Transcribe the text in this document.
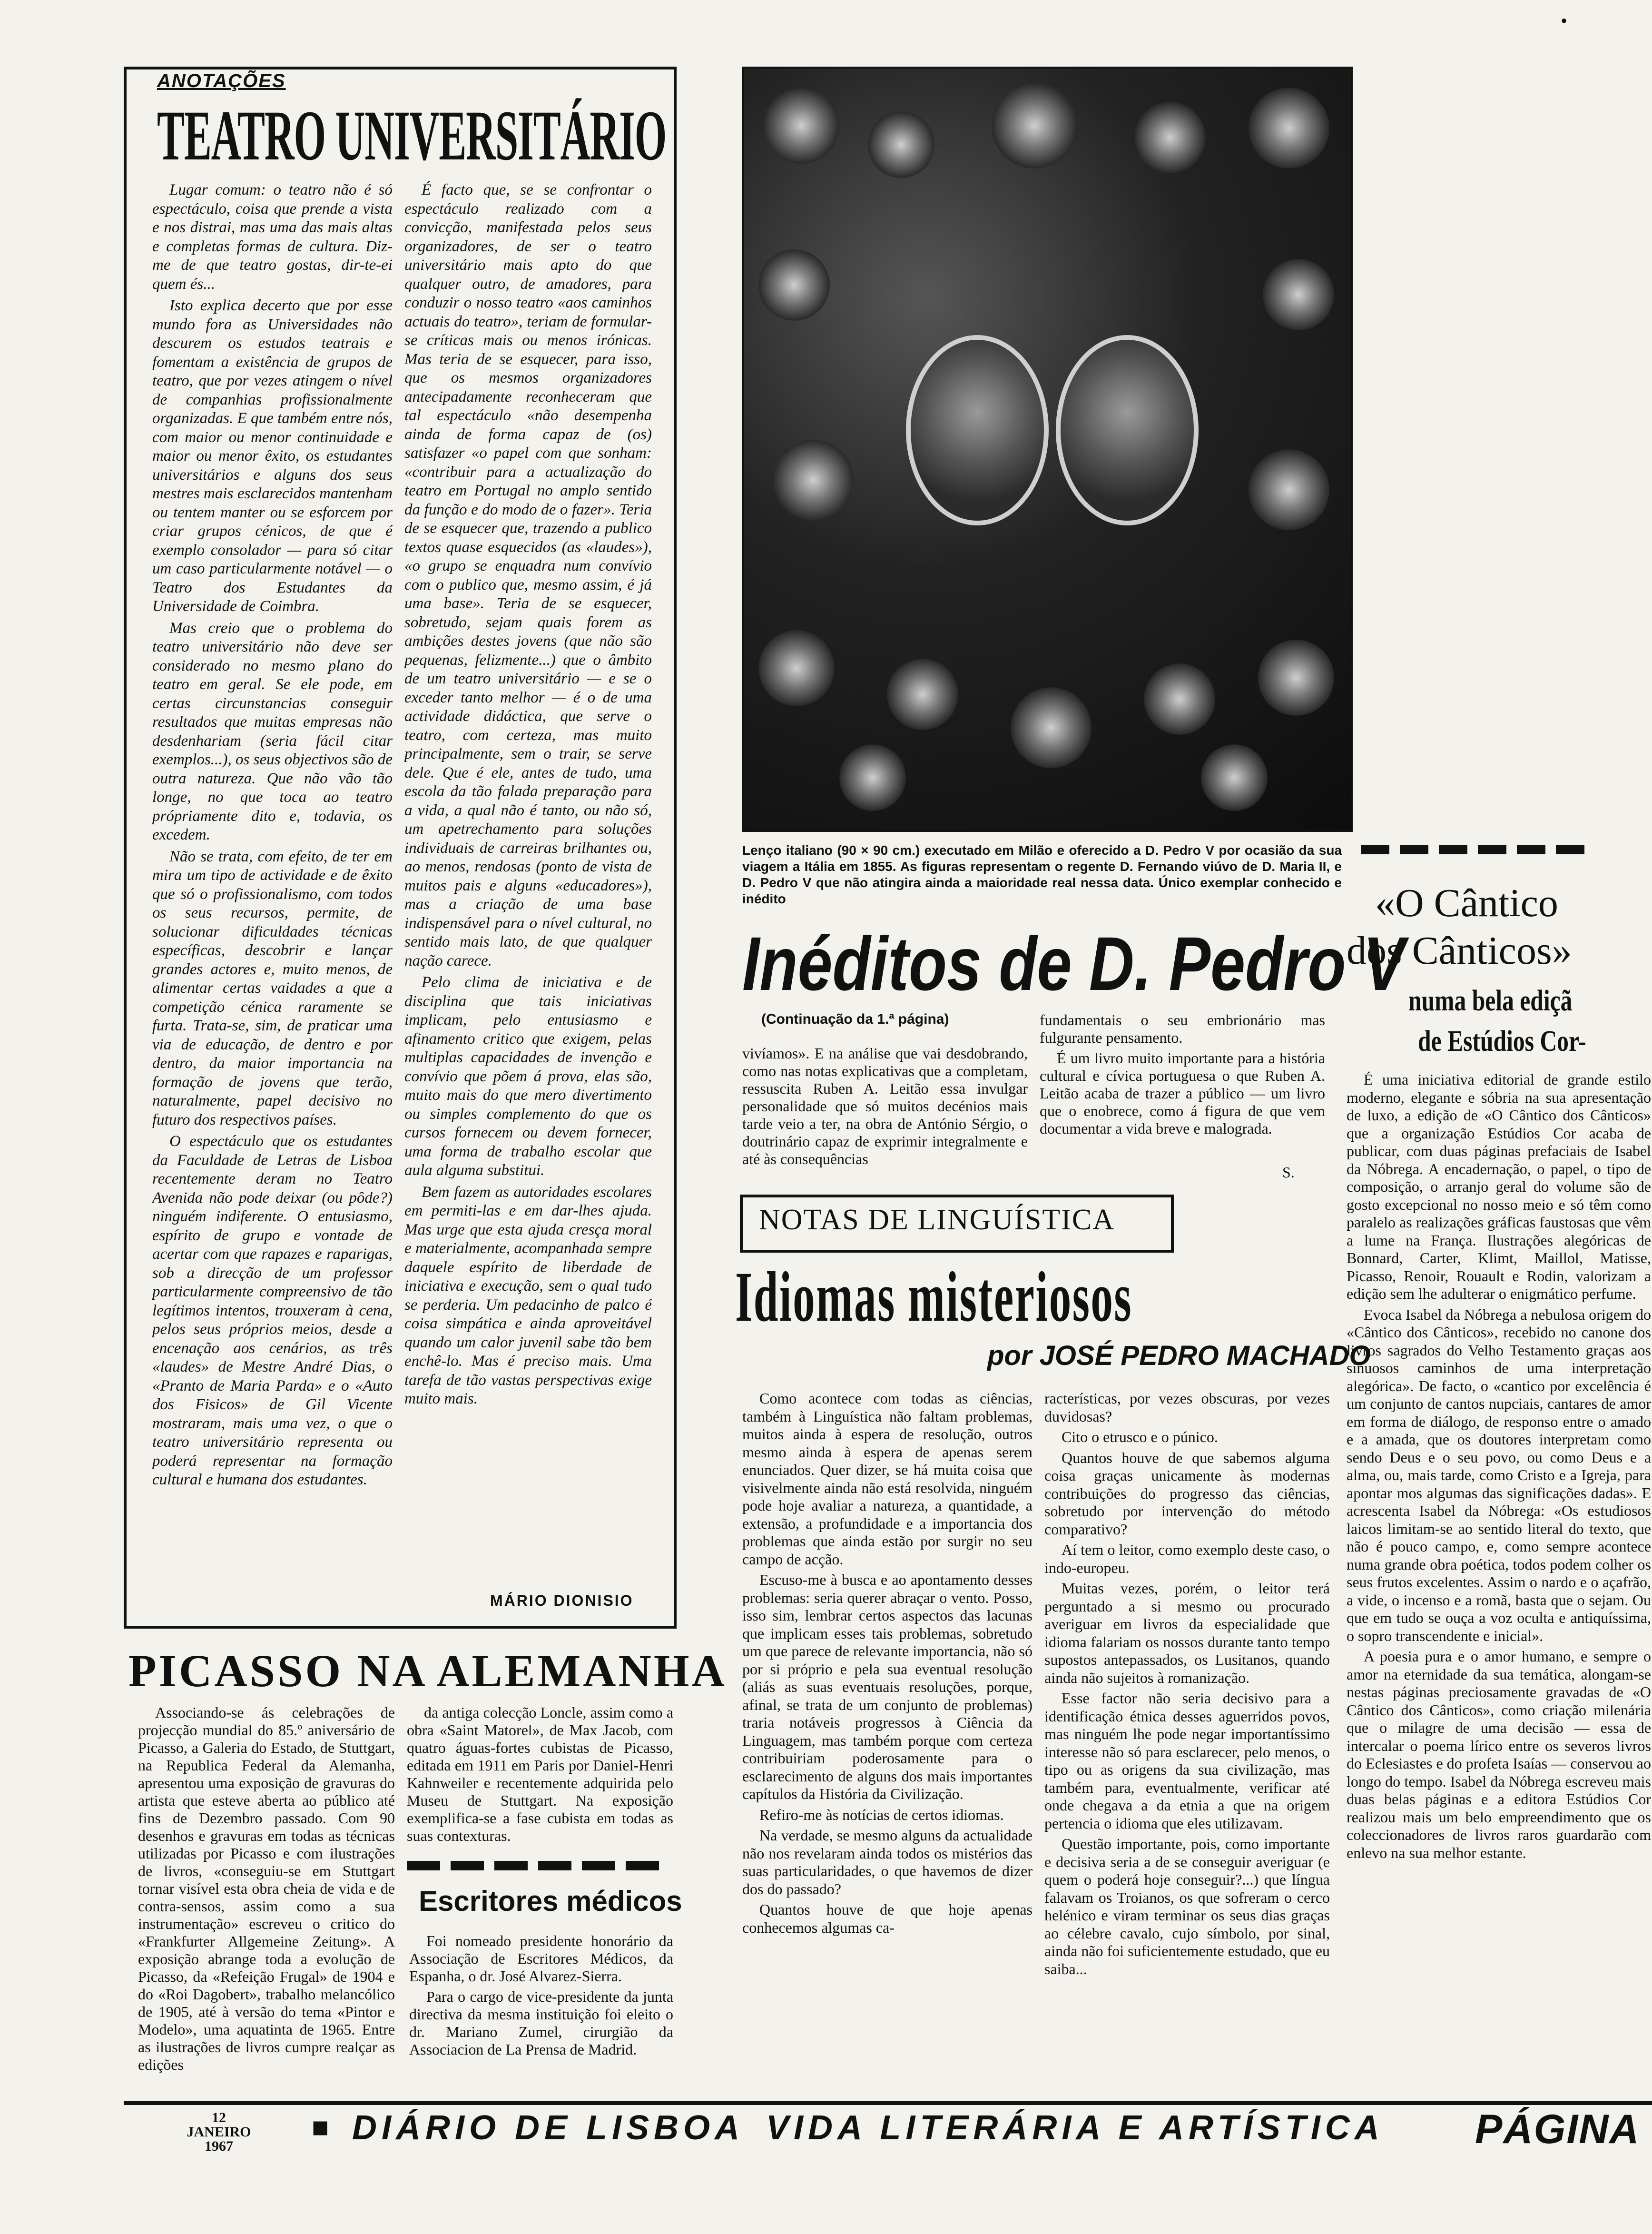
•
ANOTAÇÕES
TEATRO UNIVERSITÁRIO

Lugar comum: o teatro não é só espectáculo, coisa que prende a vista e nos distrai, mas uma das mais altas e completas formas de cultura. Diz-me de que teatro gostas, dir-te-ei quem és...

Isto explica decerto que por esse mundo fora as Universidades não descurem os estudos teatrais e fomentam a existência de grupos de teatro, que por vezes atingem o nível de companhias profissionalmente organizadas. E que também entre nós, com maior ou menor continuidade e maior ou menor êxito, os estudantes universitários e alguns dos seus mestres mais esclarecidos mantenham ou tentem manter ou se esforcem por criar grupos cénicos, de que é exemplo consolador — para só citar um caso particularmente notável — o Teatro dos Estudantes da Universidade de Coimbra.

Mas creio que o problema do teatro universitário não deve ser considerado no mesmo plano do teatro em geral. Se ele pode, em certas circunstancias conseguir resultados que muitas empresas não desdenhariam (seria fácil citar exemplos...), os seus objectivos são de outra natureza. Que não vão tão longe, no que toca ao teatro própriamente dito e, todavia, os excedem.

Não se trata, com efeito, de ter em mira um tipo de actividade e de êxito que só o profissionalismo, com todos os seus recursos, permite, de solucionar dificuldades técnicas específicas, descobrir e lançar grandes actores e, muito menos, de alimentar certas vaidades a que a competição cénica raramente se furta. Trata-se, sim, de praticar uma via de educação, de dentro e por dentro, da maior importancia na formação de jovens que terão, naturalmente, papel decisivo no futuro dos respectivos países.

O espectáculo que os estudantes da Faculdade de Letras de Lisboa recentemente deram no Teatro Avenida não pode deixar (ou pôde?) ninguém indiferente. O entusiasmo, espírito de grupo e vontade de acertar com que rapazes e raparigas, sob a direcção de um professor particularmente compreensivo de tão legítimos intentos, trouxeram à cena, pelos seus próprios meios, desde a encenação aos cenários, as três «laudes» de Mestre André Dias, o «Pranto de Maria Parda» e o «Auto dos Fisicos» de Gil Vicente mostraram, mais uma vez, o que o teatro universitário representa ou poderá representar na formação cultural e humana dos estudantes.

É facto que, se se confrontar o espectáculo realizado com a convicção, manifestada pelos seus organizadores, de ser o teatro universitário mais apto do que qualquer outro, de amadores, para conduzir o nosso teatro «aos caminhos actuais do teatro», teriam de formular-se críticas mais ou menos irónicas. Mas teria de se esquecer, para isso, que os mesmos organizadores antecipadamente reconheceram que tal espectáculo «não desempenha ainda de forma capaz de (os) satisfazer «o papel com que sonham: «contribuir para a actualização do teatro em Portugal no amplo sentido da função e do modo de o fazer». Teria de se esquecer que, trazendo a publico textos quase esquecidos (as «laudes»), «o grupo se enquadra num convívio com o publico que, mesmo assim, é já uma base». Teria de se esquecer, sobretudo, sejam quais forem as ambições destes jovens (que não são pequenas, felizmente...) que o âmbito de um teatro universitário — e se o exceder tanto melhor — é o de uma actividade didáctica, que serve o teatro, com certeza, mas muito principalmente, sem o trair, se serve dele. Que é ele, antes de tudo, uma escola da tão falada preparação para a vida, a qual não é tanto, ou não só, um apetrechamento para soluções individuais de carreiras brilhantes ou, ao menos, rendosas (ponto de vista de muitos pais e alguns «educadores»), mas a criação de uma base indispensável para o nível cultural, no sentido mais lato, de que qualquer nação carece.

Pelo clima de iniciativa e de disciplina que tais iniciativas implicam, pelo entusiasmo e afinamento critico que exigem, pelas multiplas capacidades de invenção e convívio que põem á prova, elas são, muito mais do que mero divertimento ou simples complemento do que os cursos fornecem ou devem fornecer, uma forma de trabalho escolar que aula alguma substitui.

Bem fazem as autoridades escolares em permiti-las e em dar-lhes ajuda. Mas urge que esta ajuda cresça moral e materialmente, acompanhada sempre daquele espírito de liberdade de iniciativa e execução, sem o qual tudo se perderia. Um pedacinho de palco é coisa simpática e ainda aproveitável quando um calor juvenil sabe tão bem enchê-lo. Mas é preciso mais. Uma tarefa de tão vastas perspectivas exige muito mais.

MÁRIO DIONISIO
PICASSO NA ALEMANHA

Associando-se ás celebrações de projecção mundial do 85.º aniversário de Picasso, a Galeria do Estado, de Stuttgart, na Republica Federal da Alemanha, apresentou uma exposição de gravuras do artista que esteve aberta ao público até fins de Dezembro passado. Com 90 desenhos e gravuras em todas as técnicas utilizadas por Picasso e com ilustrações de livros, «conseguiu-se em Stuttgart tornar visível esta obra cheia de vida e de contra-sensos, assim como a sua instrumentação» escreveu o critico do «Frankfurter Allgemeine Zeitung». A exposição abrange toda a evolução de Picasso, da «Refeição Frugal» de 1904 e do «Roi Dagobert», trabalho melancólico de 1905, até à versão do tema «Pintor e Modelo», uma aquatinta de 1965. Entre as ilustrações de livros cumpre realçar as edições

da antiga colecção Loncle, assim como a obra «Saint Matorel», de Max Jacob, com quatro águas-fortes cubistas de Picasso, editada em 1911 em Paris por Daniel-Henri Kahnweiler e recentemente adquirida pelo Museu de Stuttgart. Na exposição exemplifica-se a fase cubista em todas as suas contexturas.

Escritores médicos

Foi nomeado presidente honorário da Associação de Escritores Médicos, da Espanha, o dr. José Alvarez-Sierra.

Para o cargo de vice-presidente da junta directiva da mesma instituição foi eleito o dr. Mariano Zumel, cirurgião da Associacion de La Prensa de Madrid.

Lenço italiano (90 × 90 cm.) executado em Milão e oferecido a D. Pedro V por ocasião da sua viagem a Itália em 1855. As figuras representam o regente D. Fernando viúvo de D. Maria II, e D. Pedro V que não atingira ainda a maioridade real nessa data. Único exemplar conhecido e inédito
Inéditos de D. Pedro V
(Continuação da 1.ª página)

vivíamos». E na análise que vai desdobrando, como nas notas explicativas que a completam, ressuscita Ruben A. Leitão essa invulgar personalidade que só muitos decénios mais tarde veio a ter, na obra de António Sérgio, o doutrinário capaz de exprimir integralmente e até às consequências

fundamentais o seu embrionário mas fulgurante pensamento.

É um livro muito importante para a história cultural e cívica portuguesa o que Ruben A. Leitão acaba de trazer a público — um livro que o enobrece, como á figura de que vem documentar a vida breve e malograda.

S.
NOTAS DE LINGUÍSTICA
Idiomas misteriosos
por JOSÉ PEDRO MACHADO

Como acontece com todas as ciências, também à Linguística não faltam problemas, muitos ainda à espera de resolução, outros mesmo ainda à espera de apenas serem enunciados. Quer dizer, se há muita coisa que visivelmente ainda não está resolvida, ninguém pode hoje avaliar a natureza, a quantidade, a extensão, a profundidade e a importancia dos problemas que ainda estão por surgir no seu campo de acção.

Escuso-me à busca e ao apontamento desses problemas: seria querer abraçar o vento. Posso, isso sim, lembrar certos aspectos das lacunas que implicam esses tais problemas, sobretudo um que parece de relevante importancia, não só por si próprio e pela sua eventual resolução (aliás as suas eventuais resoluções, porque, afinal, se trata de um conjunto de problemas) traria notáveis progressos à Ciência da Linguagem, mas também porque com certeza contribuiriam poderosamente para o esclarecimento de alguns dos mais importantes capítulos da História da Civilização.

Refiro-me às notícias de certos idiomas.

Na verdade, se mesmo alguns da actualidade não nos revelaram ainda todos os mistérios das suas particularidades, o que havemos de dizer dos do passado?

Quantos houve de que hoje apenas conhecemos algumas ca-

racterísticas, por vezes obscuras, por vezes duvidosas?

Cito o etrusco e o púnico.

Quantos houve de que sabemos alguma coisa graças unicamente às modernas contribuições do progresso das ciências, sobretudo por intervenção do método comparativo?

Aí tem o leitor, como exemplo deste caso, o indo-europeu.

Muitas vezes, porém, o leitor terá perguntado a si mesmo ou procurado averiguar em livros da especialidade que idioma falariam os nossos durante tanto tempo supostos antepassados, os Lusitanos, quando ainda não sujeitos à romanização.

Esse factor não seria decisivo para a identificação étnica desses aguerridos povos, mas ninguém lhe pode negar importantíssimo interesse não só para esclarecer, pelo menos, o tipo ou as origens da sua civilização, mas também para, eventualmente, verificar até onde chegava a da etnia a que na origem pertencia o idioma que eles utilizavam.

Questão importante, pois, como importante e decisiva seria a de se conseguir averiguar (e quem o poderá hoje conseguir?...) que língua falavam os Troianos, os que sofreram o cerco helénico e viram terminar os seus dias graças ao célebre cavalo, cujo símbolo, por sinal, ainda não foi suficientemente estudado, que eu saiba...

«O Cântico
dos Cânticos»
numa bela ediçã
de Estúdios Cor-

É uma iniciativa editorial de grande estilo moderno, elegante e sóbria na sua apresentação de luxo, a edição de «O Cântico dos Cânticos» que a organização Estúdios Cor acaba de publicar, com duas páginas prefaciais de Isabel da Nóbrega. A encadernação, o papel, o tipo de composição, o arranjo geral do volume são de gosto excepcional no nosso meio e só têm como paralelo as realizações gráficas faustosas que vêm a lume na França. Ilustrações alegóricas de Bonnard, Carter, Klimt, Maillol, Matisse, Picasso, Renoir, Rouault e Rodin, valorizam a edição sem lhe adulterar o enigmático perfume.

Evoca Isabel da Nóbrega a nebulosa origem do «Cântico dos Cânticos», recebido no canone dos livros sagrados do Velho Testamento graças aos sinuosos caminhos de uma interpretação alegórica». De facto, o «cantico por excelência é um conjunto de cantos nupciais, cantares de amor em forma de diálogo, de responso entre o amado e a amada, que os doutores interpretam como sendo Deus e o seu povo, ou como Deus e a alma, ou, mais tarde, como Cristo e a Igreja, para apontar mos algumas das significações dadas». E acrescenta Isabel da Nóbrega: «Os estudiosos laicos limitam-se ao sentido literal do texto, que não é pouco campo, e, como sempre acontece numa grande obra poética, todos podem colher os seus frutos excelentes. Assim o nardo e o açafrão, a vide, o incenso e a romã, basta que o sejam. Ou que em tudo se ouça a voz oculta e antiquíssima, o sopro transcendente e inicial».

A poesia pura e o amor humano, e sempre o amor na eternidade da sua temática, alongam-se nestas páginas preciosamente gravadas de «O Cântico dos Cânticos», como criação milenária que o milagre de uma decisão — essa de intercalar o poema lírico entre os severos livros do Eclesiastes e do profeta Isaías — conservou ao longo do tempo. Isabel da Nóbrega escreveu mais duas belas páginas e a editora Estúdios Cor realizou mais um belo empreendimento que os coleccionadores de livros raros guardarão com enlevo na sua melhor estante.

12
JANEIRO
1967
■ DIÁRIO DE LISBOA VIDA LITERÁRIA E ARTÍSTICA PÁGINA
